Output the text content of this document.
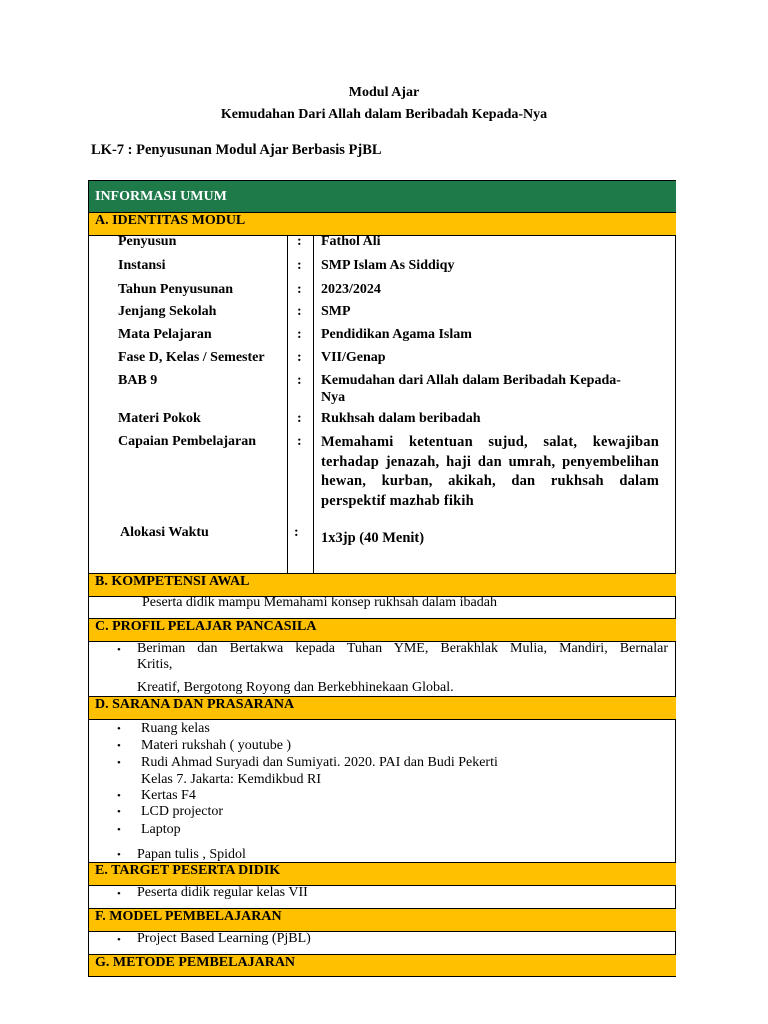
Modul Ajar
Kemudahan Dari Allah dalam Beribadah Kepada-Nya
LK-7 : Penyusunan Modul Ajar Berbasis PjBL
INFORMASI UMUM
A. IDENTITAS MODUL
Penyusun	: Fathol Ali
Instansi	: SMP Islam As Siddiqy
Tahun Penyusunan	: 2023/2024
Jenjang Sekolah	: SMP
Mata Pelajaran	: Pendidikan Agama Islam
Fase D, Kelas / Semester : VII/Genap
BAB 9	: Kemudahan dari Allah dalam Beribadah Kepada-
Nya
Materi Pokok	: Rukhsah dalam beribadah
Capaian Pembelajaran	: Memahami ketentuan sujud, salat, kewajiban terhadap jenazah, haji dan umrah, penyembelihan hewan, kurban, akikah, dan rukhsah dalam perspektif mazhab fikih
Alokasi Waktu	: 1x3jp (40 Menit)
B. KOMPETENSI AWAL
Peserta didik mampu Memahami konsep rukhsah dalam ibadah
C. PROFIL PELAJAR PANCASILA
• Beriman dan Bertakwa kepada Tuhan YME, Berakhlak Mulia, Mandiri, Bernalar
Kritis,
Kreatif, Bergotong Royong dan Berkebhinekaan Global.
D. SARANA DAN PRASARANA
• Ruang kelas
• Materi rukshah ( youtube )
• Rudi Ahmad Suryadi dan Sumiyati. 2020. PAI dan Budi Pekerti
Kelas 7. Jakarta: Kemdikbud RI
• Kertas F4
• LCD projector
• Laptop
• Papan tulis , Spidol
E. TARGET PESERTA DIDIK
• Peserta didik regular kelas VII
F. MODEL PEMBELAJARAN
• Project Based Learning (PjBL)
G. METODE PEMBELAJARAN
